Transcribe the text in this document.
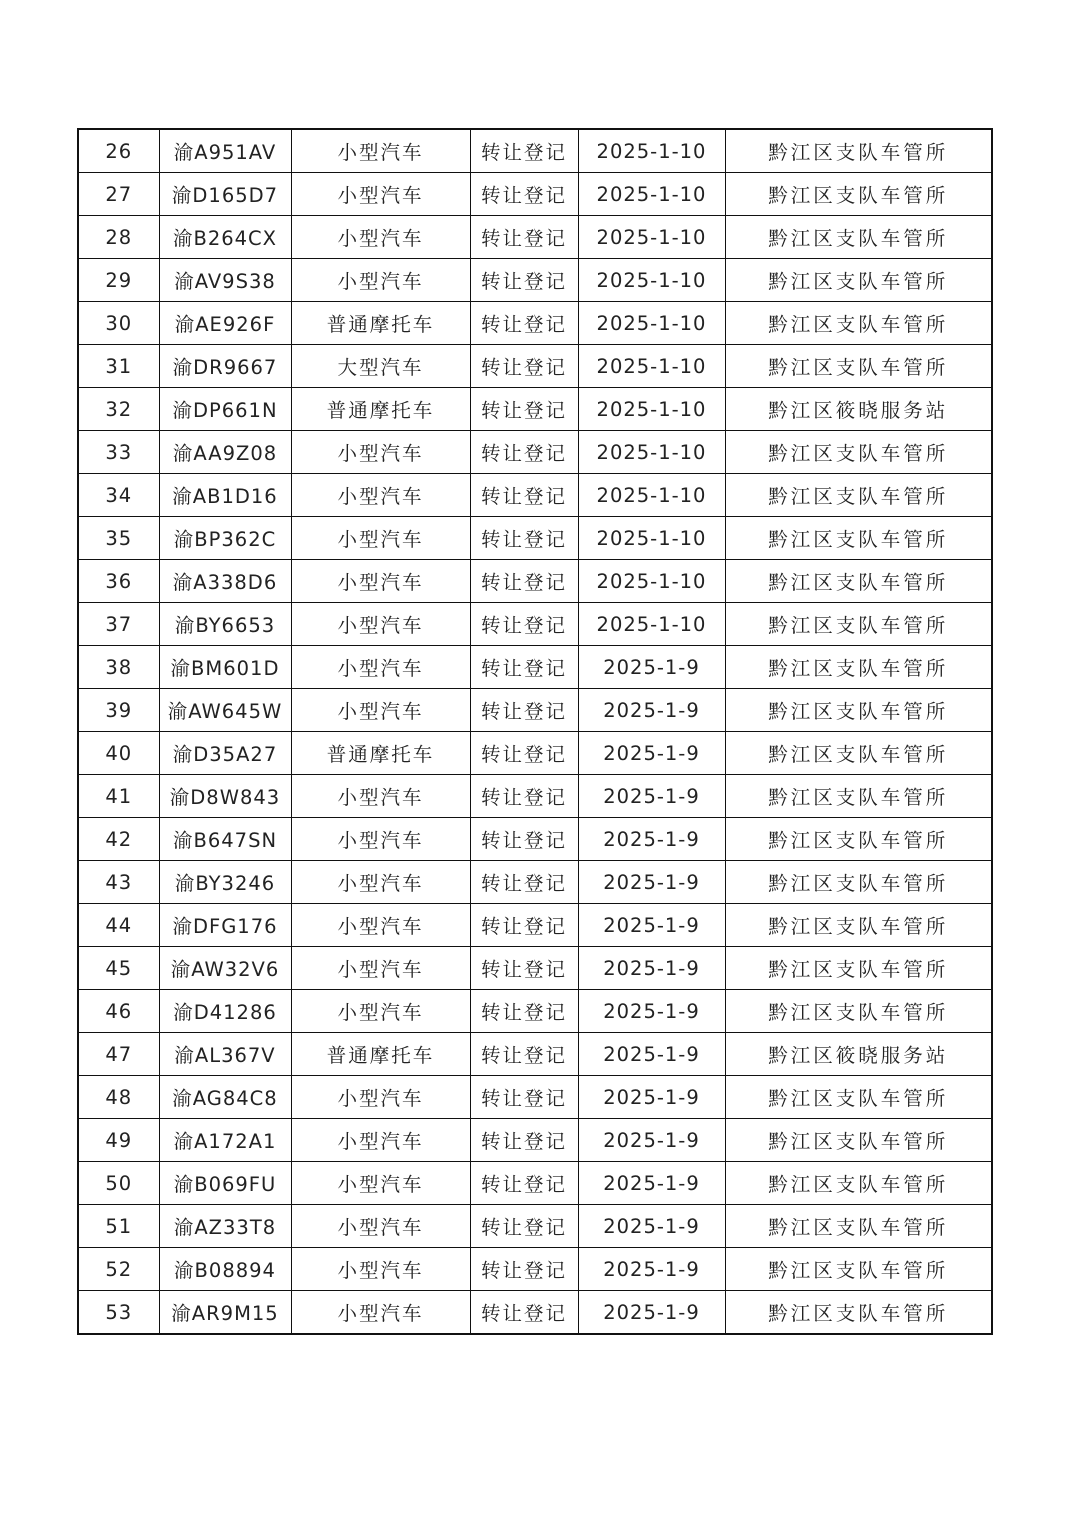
26	渝A951AV	小型汽车	转让登记	2025-1-10	黔江区支队车管所
27	渝D165D7	小型汽车	转让登记	2025-1-10	黔江区支队车管所
28	渝B264CX	小型汽车	转让登记	2025-1-10	黔江区支队车管所
29	渝AV9S38	小型汽车	转让登记	2025-1-10	黔江区支队车管所
30	渝AE926F	普通摩托车	转让登记	2025-1-10	黔江区支队车管所
31	渝DR9667	大型汽车	转让登记	2025-1-10	黔江区支队车管所
32	渝DP661N	普通摩托车	转让登记	2025-1-10	黔江区筱晓服务站
33	渝AA9Z08	小型汽车	转让登记	2025-1-10	黔江区支队车管所
34	渝AB1D16	小型汽车	转让登记	2025-1-10	黔江区支队车管所
35	渝BP362C	小型汽车	转让登记	2025-1-10	黔江区支队车管所
36	渝A338D6	小型汽车	转让登记	2025-1-10	黔江区支队车管所
37	渝BY6653	小型汽车	转让登记	2025-1-10	黔江区支队车管所
38	渝BM601D	小型汽车	转让登记	2025-1-9	黔江区支队车管所
39	渝AW645W	小型汽车	转让登记	2025-1-9	黔江区支队车管所
40	渝D35A27	普通摩托车	转让登记	2025-1-9	黔江区支队车管所
41	渝D8W843	小型汽车	转让登记	2025-1-9	黔江区支队车管所
42	渝B647SN	小型汽车	转让登记	2025-1-9	黔江区支队车管所
43	渝BY3246	小型汽车	转让登记	2025-1-9	黔江区支队车管所
44	渝DFG176	小型汽车	转让登记	2025-1-9	黔江区支队车管所
45	渝AW32V6	小型汽车	转让登记	2025-1-9	黔江区支队车管所
46	渝D41286	小型汽车	转让登记	2025-1-9	黔江区支队车管所
47	渝AL367V	普通摩托车	转让登记	2025-1-9	黔江区筱晓服务站
48	渝AG84C8	小型汽车	转让登记	2025-1-9	黔江区支队车管所
49	渝A172A1	小型汽车	转让登记	2025-1-9	黔江区支队车管所
50	渝B069FU	小型汽车	转让登记	2025-1-9	黔江区支队车管所
51	渝AZ33T8	小型汽车	转让登记	2025-1-9	黔江区支队车管所
52	渝B08894	小型汽车	转让登记	2025-1-9	黔江区支队车管所
53	渝AR9M15	小型汽车	转让登记	2025-1-9	黔江区支队车管所
